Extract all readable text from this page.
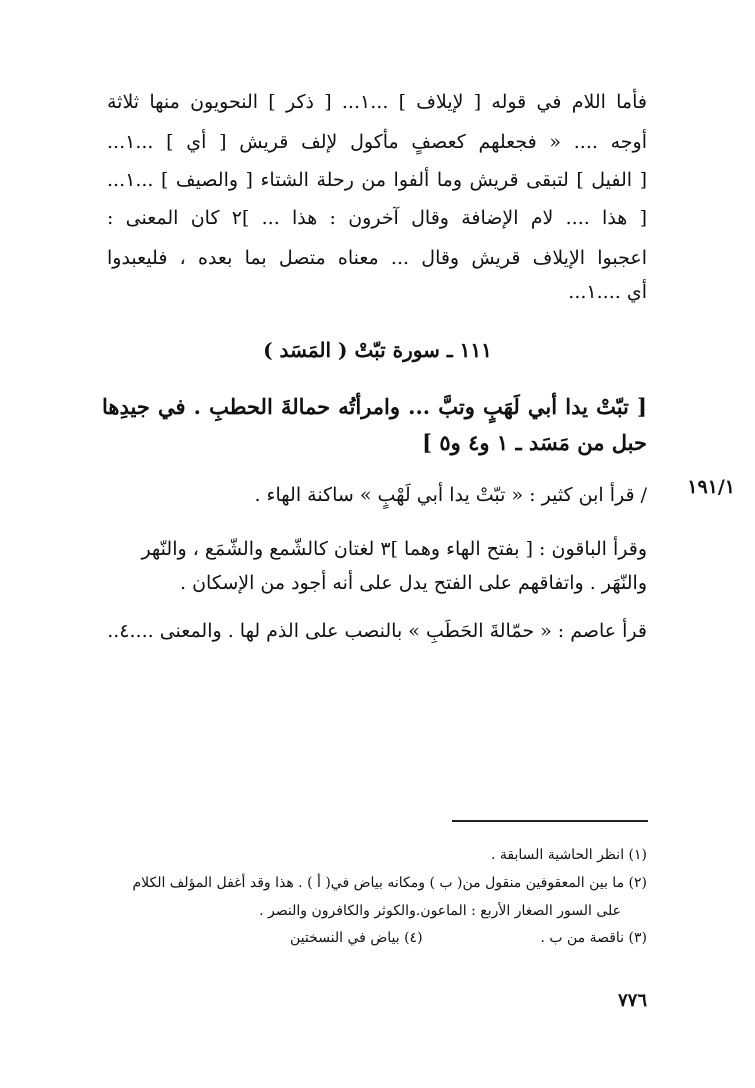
فأما اللام في قوله [ لإيلاف ] ...١... [ ذكر ] النحويون منها ثلاثة
أوجه .... « فجعلهم كعصفٍ مأكول لإلف قريش [ أي ] ...١...
[ الفيل ] لتبقى قريش وما ألفوا من رحلة الشتاء [ والصيف ] ...١...
[ هذا .... لام الإضافة وقال آخرون : هذا ... ]٢ كان المعنى :
اعجبوا الإيلاف قريش وقال ... معناه متصل بما بعده ، فليعبدوا
أي ....١...
١١١ ـ سورة تبّتْ ( المَسَد )
[ تبّتْ يدا أبي لَهَبٍ وتبَّ ... وامرأتُه حمالةَ الحطبِ . في جيدِها
حبل من مَسَد ـ ١ و٤ و٥ ]
١٩١/١
/ قرأ ابن كثير : « تبّتْ يدا أبي لَهْبٍ » ساكنة الهاء .
وقرأ الباقون : [ بفتح الهاء وهما ]٣ لغتان كالشّمع والشّمَع ، والنّهر
والنّهَر . واتفاقهم على الفتح يدل على أنه أجود من الإسكان .
قرأ عاصم : « حمّالةَ الحَطَبِ » بالنصب على الذم لها . والمعنى ....٤..
(١) انظر الحاشية السابقة .
(٢) ما بين المعقوفين منقول من( ب ) ومكانه بياض في( أ ) . هذا وقد أغفل المؤلف الكلام
على السور الصغار الأربع : الماعون.والكوثر والكافرون والنصر .
(٣) ناقصة من ب . (٤) بياض في النسختين
٧٧٦
